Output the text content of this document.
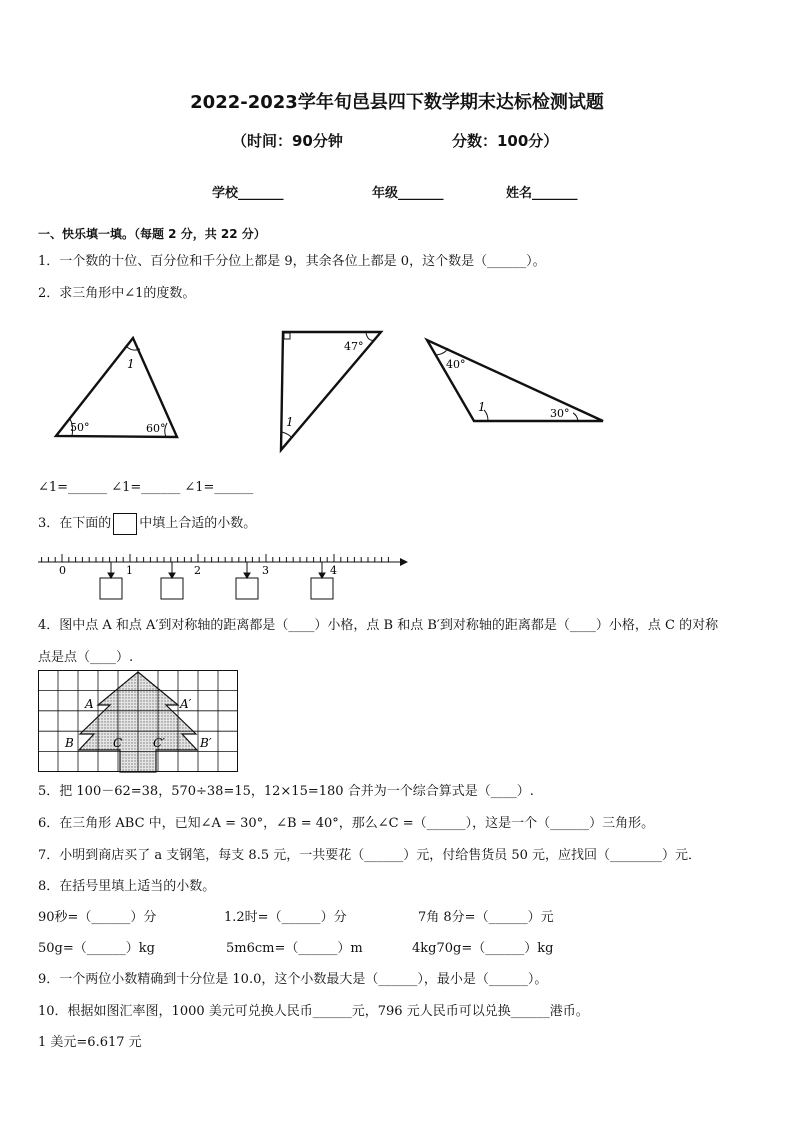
2022-2023学年旬邑县四下数学期末达标检测试题
（时间：90分钟	分数：100分）
学校_______	年级_______	姓名_______
一、快乐填一填。（每题 2 分，共 22 分）
1．一个数的十位、百分位和千分位上都是 9，其余各位上都是 0，这个数是（______）。
2．求三角形中∠1的度数。
1
50°	60°
47°
1
40°
1	30°
∠1=______ ∠1=______ ∠1=______
3．在下面的 中填上合适的小数。
0	1	2	3	4
4．图中点 A 和点 A′到对称轴的距离都是（____）小格，点 B 和点 B′到对称轴的距离都是（____）小格，点 C 的对称
点是点（____）.
A	A′
B	B′
C	C′
5．把 100－62=38，570÷38=15，12×15=180 合并为一个综合算式是（____）.
6．在三角形 ABC 中，已知∠A = 30°，∠B = 40°，那么∠C =（______），这是一个（______）三角形。
7．小明到商店买了 a 支钢笔，每支 8.5 元，一共要花（______）元，付给售货员 50 元，应找回（________）元．
8．在括号里填上适当的小数。
90秒=（______）分	1.2时=（______）分	7角 8分=（______）元
50g=（______）kg	5m6cm=（______）m	4kg70g=（______）kg
9．一个两位小数精确到十分位是 10.0，这个小数最大是（______），最小是（______）。
10．根据如图汇率图，1000 美元可兑换人民币______元，796 元人民币可以兑换______港币。
1 美元=6.617 元
